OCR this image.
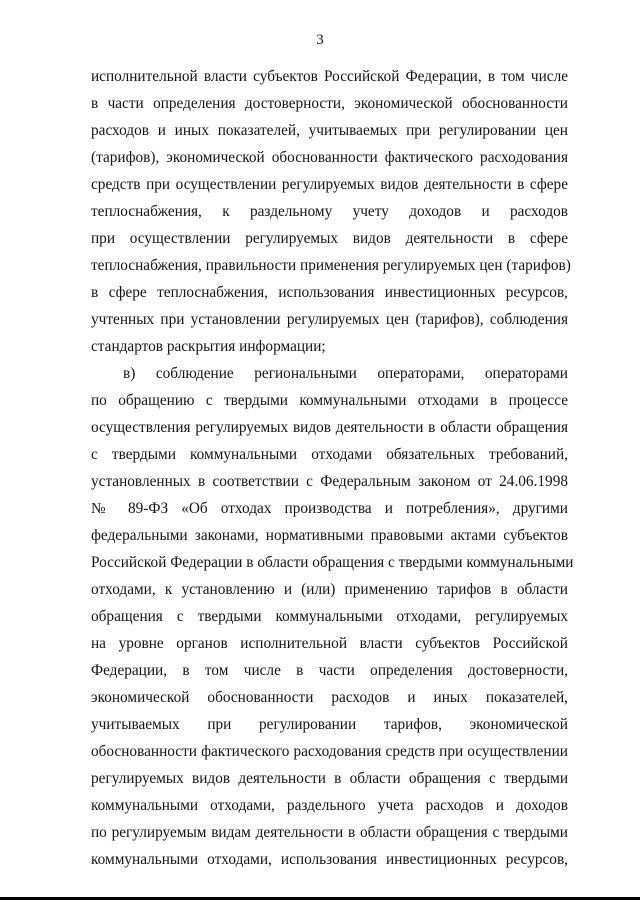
3
исполнительной власти субъектов Российской Федерации, в том числе
в части определения достоверности, экономической обоснованности
расходов и иных показателей, учитываемых при регулировании цен
(тарифов), экономической обоснованности фактического расходования
средств при осуществлении регулируемых видов деятельности в сфере
теплоснабжения, к раздельному учету доходов и расходов
при осуществлении регулируемых видов деятельности в сфере
теплоснабжения, правильности применения регулируемых цен (тарифов)
в сфере теплоснабжения, использования инвестиционных ресурсов,
учтенных при установлении регулируемых цен (тарифов), соблюдения
стандартов раскрытия информации;
в) соблюдение региональными операторами, операторами
по обращению с твердыми коммунальными отходами в процессе
осуществления регулируемых видов деятельности в области обращения
с твердыми коммунальными отходами обязательных требований,
установленных в соответствии с Федеральным законом от 24.06.1998
№ 89-ФЗ «Об отходах производства и потребления», другими
федеральными законами, нормативными правовыми актами субъектов
Российской Федерации в области обращения с твердыми коммунальными
отходами, к установлению и (или) применению тарифов в области
обращения с твердыми коммунальными отходами, регулируемых
на уровне органов исполнительной власти субъектов Российской
Федерации, в том числе в части определения достоверности,
экономической обоснованности расходов и иных показателей,
учитываемых при регулировании тарифов, экономической
обоснованности фактического расходования средств при осуществлении
регулируемых видов деятельности в области обращения с твердыми
коммунальными отходами, раздельного учета расходов и доходов
по регулируемым видам деятельности в области обращения с твердыми
коммунальными отходами, использования инвестиционных ресурсов,
